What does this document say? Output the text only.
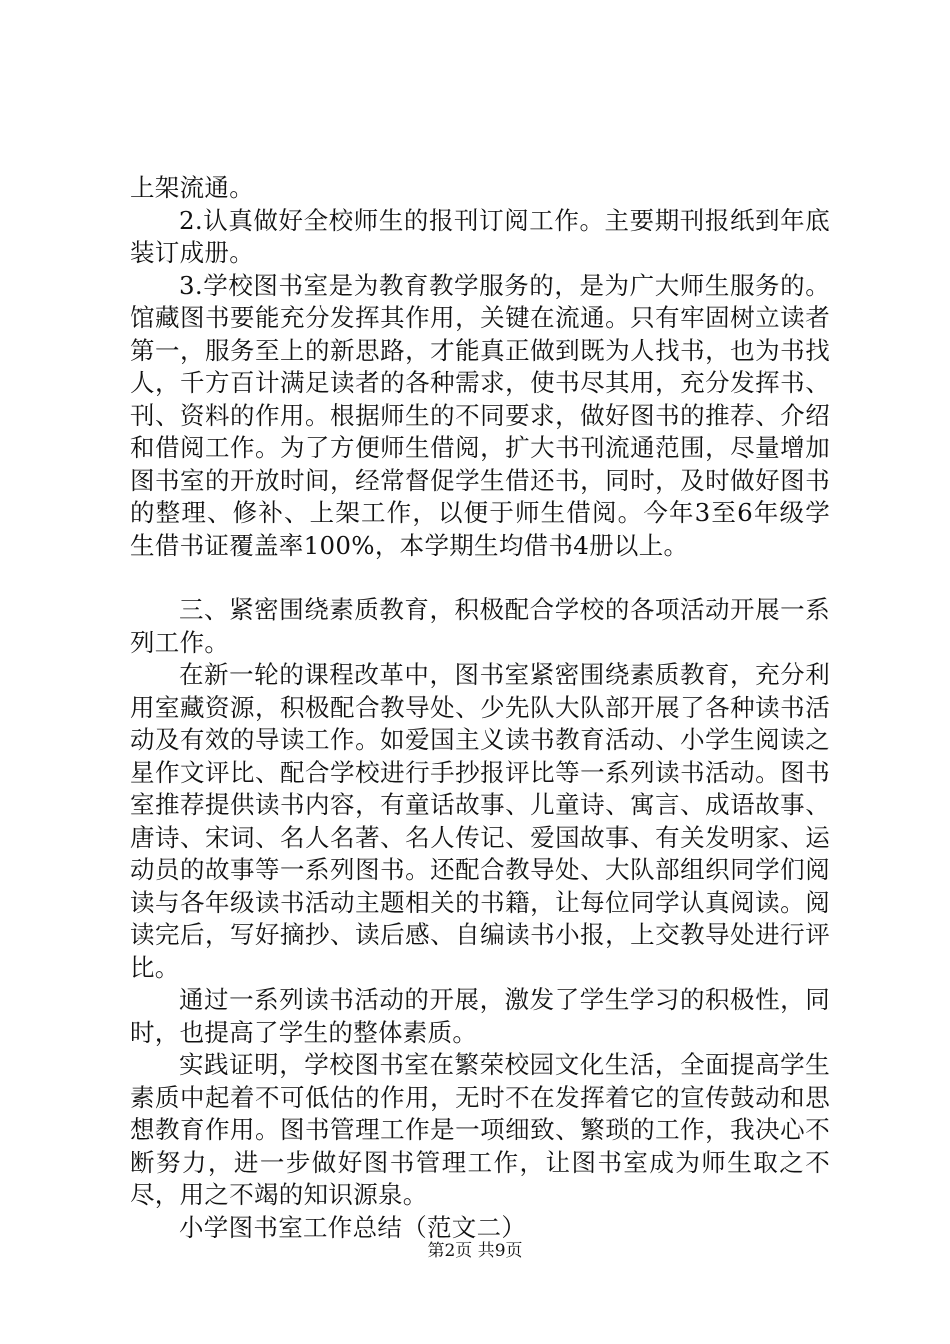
上架流通。

2.认真做好全校师生的报刊订阅工作。主要期刊报纸到年底装订成册。

3.学校图书室是为教育教学服务的，是为广大师生服务的。馆藏图书要能充分发挥其作用，关键在流通。只有牢固树立读者第一，服务至上的新思路，才能真正做到既为人找书，也为书找人，千方百计满足读者的各种需求，使书尽其用，充分发挥书、刊、资料的作用。根据师生的不同要求，做好图书的推荐、介绍和借阅工作。为了方便师生借阅，扩大书刊流通范围，尽量增加图书室的开放时间，经常督促学生借还书，同时，及时做好图书的整理、修补、上架工作，以便于师生借阅。今年3至6年级学生借书证覆盖率100%，本学期生均借书4册以上。

三、紧密围绕素质教育，积极配合学校的各项活动开展一系列工作。

在新一轮的课程改革中，图书室紧密围绕素质教育，充分利用室藏资源，积极配合教导处、少先队大队部开展了各种读书活动及有效的导读工作。如爱国主义读书教育活动、小学生阅读之星作文评比、配合学校进行手抄报评比等一系列读书活动。图书室推荐提供读书内容，有童话故事、儿童诗、寓言、成语故事、唐诗、宋词、名人名著、名人传记、爱国故事、有关发明家、运动员的故事等一系列图书。还配合教导处、大队部组织同学们阅读与各年级读书活动主题相关的书籍，让每位同学认真阅读。阅读完后，写好摘抄、读后感、自编读书小报，上交教导处进行评比。

通过一系列读书活动的开展，激发了学生学习的积极性，同时，也提高了学生的整体素质。

实践证明，学校图书室在繁荣校园文化生活，全面提高学生素质中起着不可低估的作用，无时不在发挥着它的宣传鼓动和思想教育作用。图书管理工作是一项细致、繁琐的工作，我决心不断努力，进一步做好图书管理工作，让图书室成为师生取之不尽，用之不竭的知识源泉。

小学图书室工作总结（范文二）

第2页 共9页
